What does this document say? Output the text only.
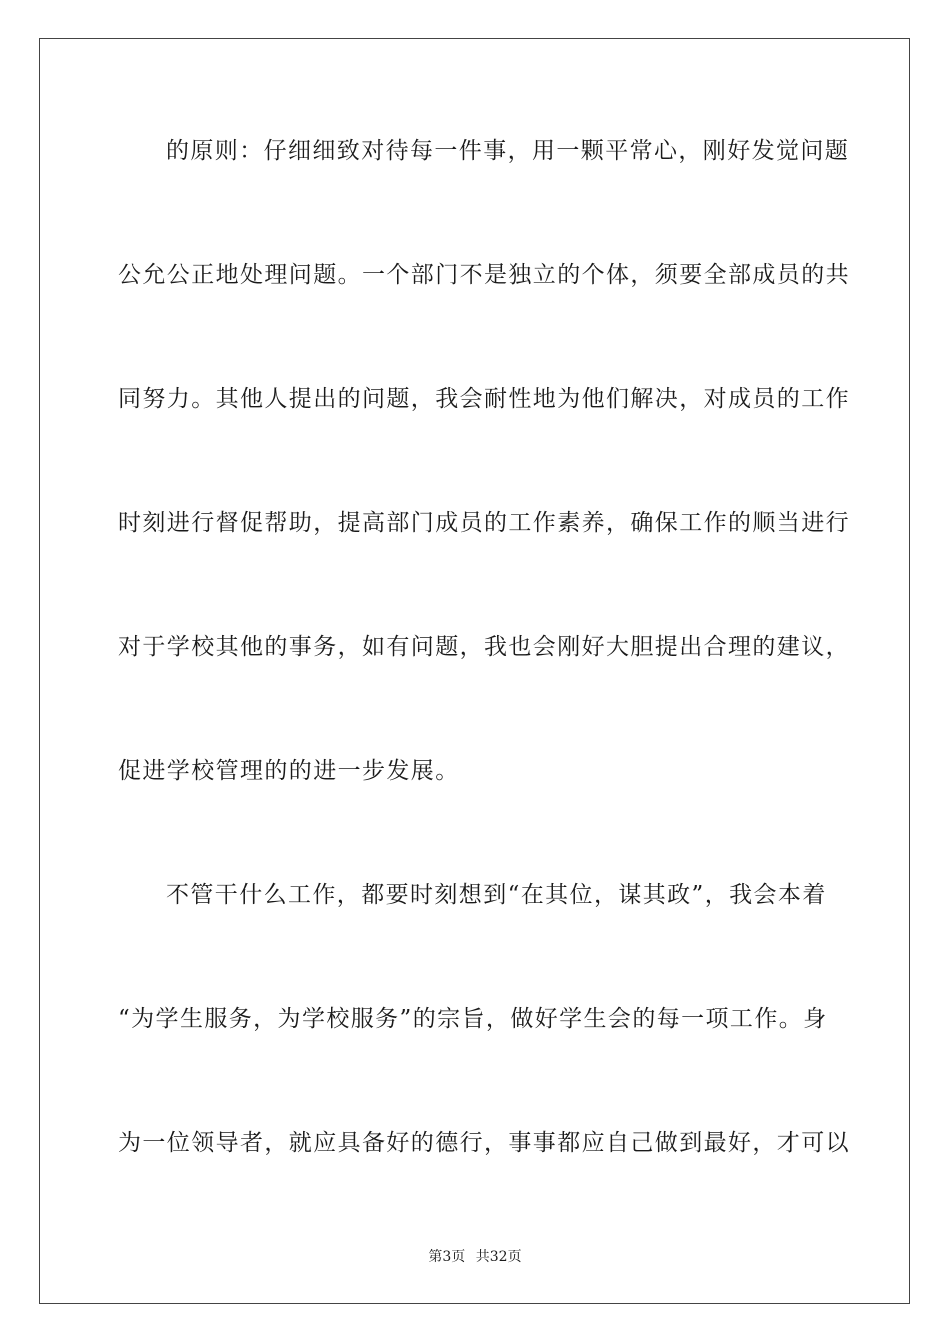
的原则：仔细细致对待每一件事，用一颗平常心，刚好发觉问题
公允公正地处理问题。一个部门不是独立的个体，须要全部成员的共
同努力。其他人提出的问题，我会耐性地为他们解决，对成员的工作
时刻进行督促帮助，提高部门成员的工作素养，确保工作的顺当进行
对于学校其他的事务，如有问题，我也会刚好大胆提出合理的建议，
促进学校管理的的进一步发展。
不管干什么工作，都要时刻想到“在其位，谋其政”，我会本着
“为学生服务，为学校服务”的宗旨，做好学生会的每一项工作。身
为一位领导者，就应具备好的德行，事事都应自己做到最好，才可以
第3页 共32页
